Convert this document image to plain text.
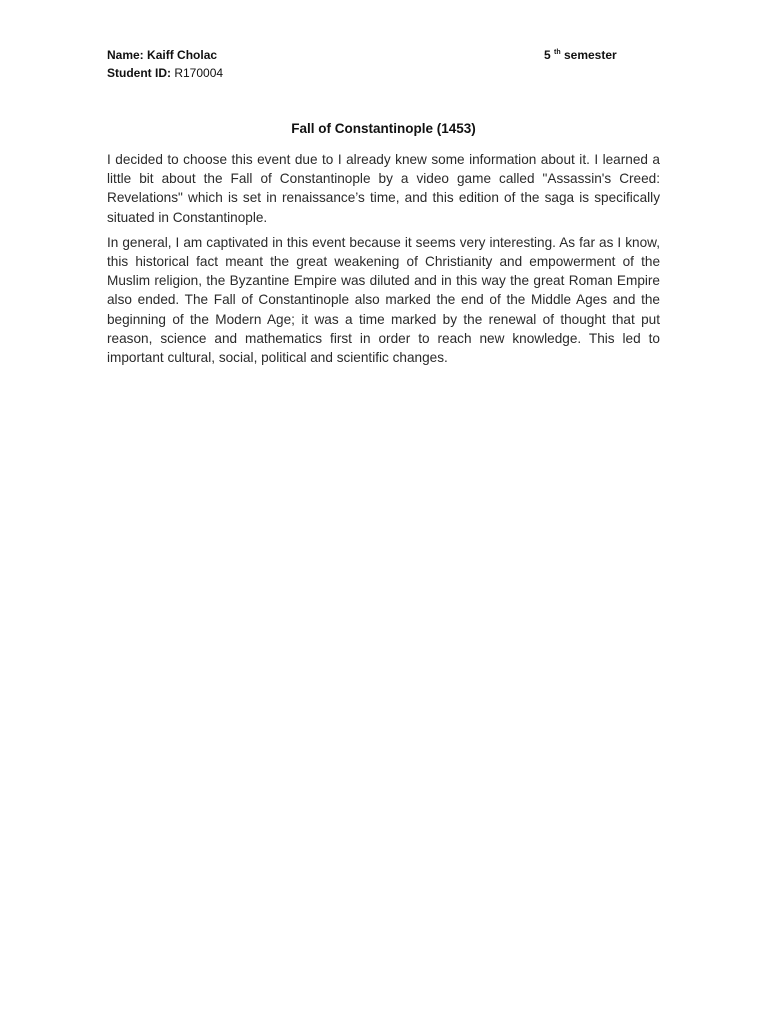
Name: Kaiff Cholac
Student ID: R170004
5 $^{th}$ semester
Fall of Constantinople (1453)

I decided to choose this event due to I already knew some information about it. I learned a little bit about the Fall of Constantinople by a video game called "Assassin's Creed: Revelations" which is set in renaissance’s time, and this edition of the saga is specifically situated in Constantinople.

In general, I am captivated in this event because it seems very interesting. As far as I know, this historical fact meant the great weakening of Christianity and empowerment of the Muslim religion, the Byzantine Empire was diluted and in this way the great Roman Empire also ended. The Fall of Constantinople also marked the end of the Middle Ages and the beginning of the Modern Age; it was a time marked by the renewal of thought that put reason, science and mathematics first in order to reach new knowledge. This led to important cultural, social, political and scientific changes.
